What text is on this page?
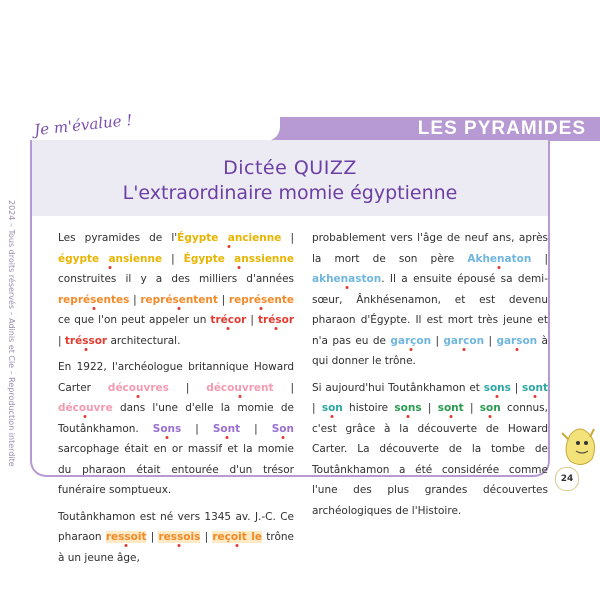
Je m'évalue !	LES PYRAMIDES
2024 – Tous droits réservés – Adinis et Cie – Reproduction interdite
Dictée QUIZZ
L'extraordinaire momie égyptienne

Les pyramides de l'Égypte ancienne | égypte ansienne | Égypte anssienne construites il y a des milliers d'années représentes | représentent | représente ce que l'on peut appeler un trécor | trésor | tréssor architectural.

En 1922, l'archéologue britannique Howard Carter découvres | découvrent | découvre dans l'une d'elle la momie de Toutânkhamon. Sons | Sont | Son sarcophage était en or massif et la momie du pharaon était entourée d'un trésor funéraire somptueux.

Toutânkhamon est né vers 1345 av. J.-C. Ce pharaon ressoit | ressois | reçoit le trône à un jeune âge,

probablement vers l'âge de neuf ans, après la mort de son père Akhenaton | akhenaston. Il a ensuite épousé sa demi-sœur, Ânkhésenamon, et est devenu pharaon d'Égypte. Il est mort très jeune et n'a pas eu de garçon | garcon | garson à qui donner le trône.

Si aujourd'hui Toutânkhamon et sons | sont | son histoire sons | sont | son connus, c'est grâce à la découverte de Howard Carter. La découverte de la tombe de Toutânkhamon a été considérée comme l'une des plus grandes découvertes archéologiques de l'Histoire.

24
